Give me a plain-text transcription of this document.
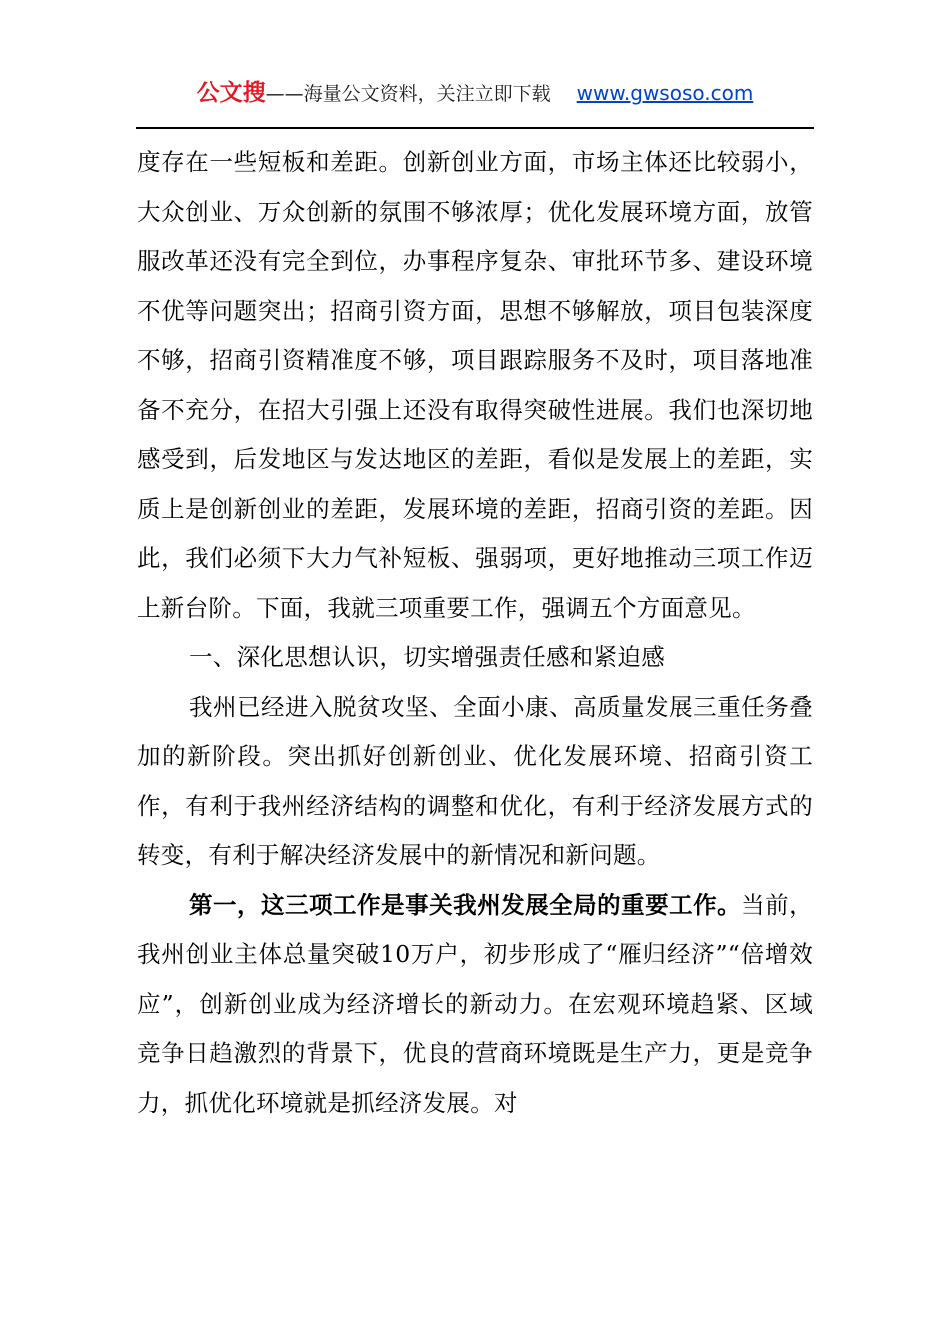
公文搜——海量公文资料，关注立即下载 www.gwsoso.com

度存在一些短板和差距。创新创业方面，市场主体还比较弱小，大众创业、万众创新的氛围不够浓厚；优化发展环境方面，放管服改革还没有完全到位，办事程序复杂、审批环节多、建设环境不优等问题突出；招商引资方面，思想不够解放，项目包装深度不够，招商引资精准度不够，项目跟踪服务不及时，项目落地准备不充分，在招大引强上还没有取得突破性进展。我们也深切地感受到，后发地区与发达地区的差距，看似是发展上的差距，实质上是创新创业的差距，发展环境的差距，招商引资的差距。因此，我们必须下大力气补短板、强弱项，更好地推动三项工作迈上新台阶。下面，我就三项重要工作，强调五个方面意见。

一、深化思想认识，切实增强责任感和紧迫感

我州已经进入脱贫攻坚、全面小康、高质量发展三重任务叠加的新阶段。突出抓好创新创业、优化发展环境、招商引资工作，有利于我州经济结构的调整和优化，有利于经济发展方式的转变，有利于解决经济发展中的新情况和新问题。

第一，这三项工作是事关我州发展全局的重要工作。当前，我州创业主体总量突破10万户，初步形成了“雁归经济”“倍增效应”，创新创业成为经济增长的新动力。在宏观环境趋紧、区域竞争日趋激烈的背景下，优良的营商环境既是生产力，更是竞争力，抓优化环境就是抓经济发展。对
